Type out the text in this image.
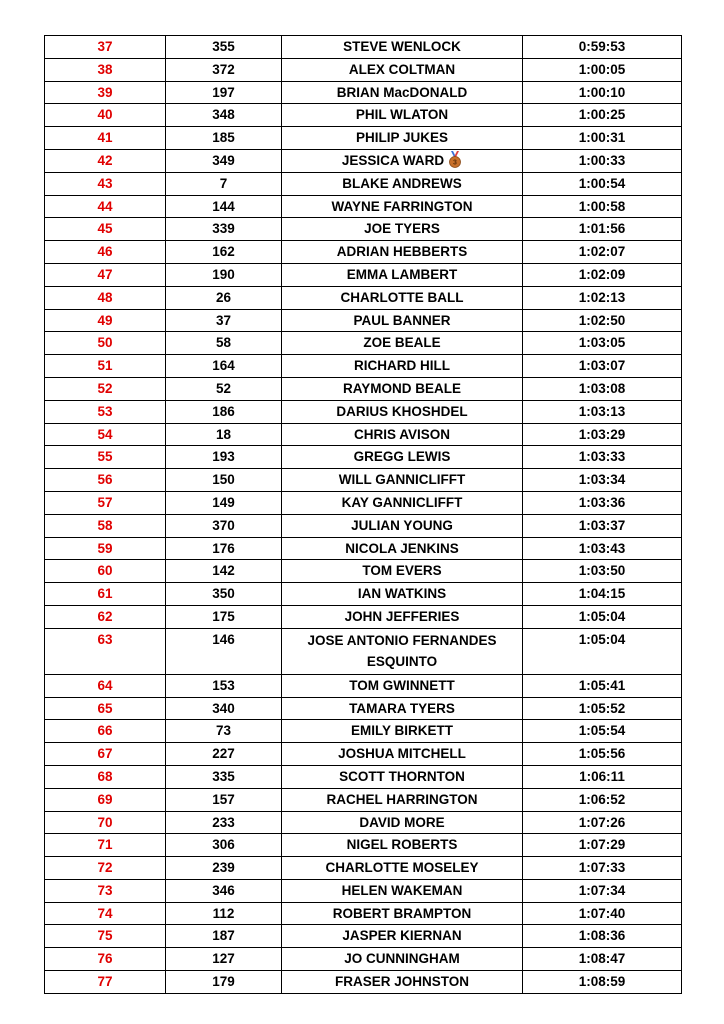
37	355	STEVE WENLOCK	0:59:53
38	372	ALEX COLTMAN	1:00:05
39	197	BRIAN MacDONALD	1:00:10
40	348	PHIL WLATON	1:00:25
41	185	PHILIP JUKES	1:00:31
42	349	JESSICA WARD 3	1:00:33
43	7	BLAKE ANDREWS	1:00:54
44	144	WAYNE FARRINGTON	1:00:58
45	339	JOE TYERS	1:01:56
46	162	ADRIAN HEBBERTS	1:02:07
47	190	EMMA LAMBERT	1:02:09
48	26	CHARLOTTE BALL	1:02:13
49	37	PAUL BANNER	1:02:50
50	58	ZOE BEALE	1:03:05
51	164	RICHARD HILL	1:03:07
52	52	RAYMOND BEALE	1:03:08
53	186	DARIUS KHOSHDEL	1:03:13
54	18	CHRIS AVISON	1:03:29
55	193	GREGG LEWIS	1:03:33
56	150	WILL GANNICLIFFT	1:03:34
57	149	KAY GANNICLIFFT	1:03:36
58	370	JULIAN YOUNG	1:03:37
59	176	NICOLA JENKINS	1:03:43
60	142	TOM EVERS	1:03:50
61	350	IAN WATKINS	1:04:15
62	175	JOHN JEFFERIES	1:05:04
63	146	JOSE ANTONIO FERNANDES ESQUINTO	1:05:04
64	153	TOM GWINNETT	1:05:41
65	340	TAMARA TYERS	1:05:52
66	73	EMILY BIRKETT	1:05:54
67	227	JOSHUA MITCHELL	1:05:56
68	335	SCOTT THORNTON	1:06:11
69	157	RACHEL HARRINGTON	1:06:52
70	233	DAVID MORE	1:07:26
71	306	NIGEL ROBERTS	1:07:29
72	239	CHARLOTTE MOSELEY	1:07:33
73	346	HELEN WAKEMAN	1:07:34
74	112	ROBERT BRAMPTON	1:07:40
75	187	JASPER KIERNAN	1:08:36
76	127	JO CUNNINGHAM	1:08:47
77	179	FRASER JOHNSTON	1:08:59
